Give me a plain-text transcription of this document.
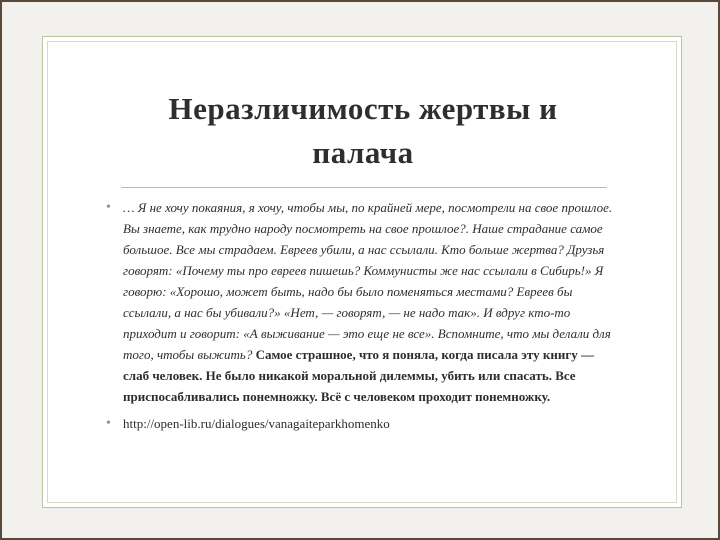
Неразличимость жертвы и
палача
• … Я не хочу покаяния, я хочу, чтобы мы, по крайней мере, посмотрели на свое прошлое. Вы знаете, как трудно народу посмотреть на свое прошлое?. Наше страдание самое большое. Все мы страдаем. Евреев убили, а нас ссылали. Кто больше жертва? Друзья говорят: «Почему ты про евреев пишешь? Коммунисты же нас ссылали в Сибирь!» Я говорю: «Хорошо, может быть, надо бы было поменяться местами? Евреев бы ссылали, а нас бы убивали?» «Нет, — говорят, — не надо так». И вдруг кто-то приходит и говорит: «А выживание — это еще не все». Вспомните, что мы делали для того, чтобы выжить? Самое страшное, что я поняла, когда писала эту книгу — слаб человек. Не было никакой моральной дилеммы, убить или спасать. Все приспосабливались понемножку. Всё с человеком проходит понемножку.
• http://open-lib.ru/dialogues/vanagaiteparkhomenko
